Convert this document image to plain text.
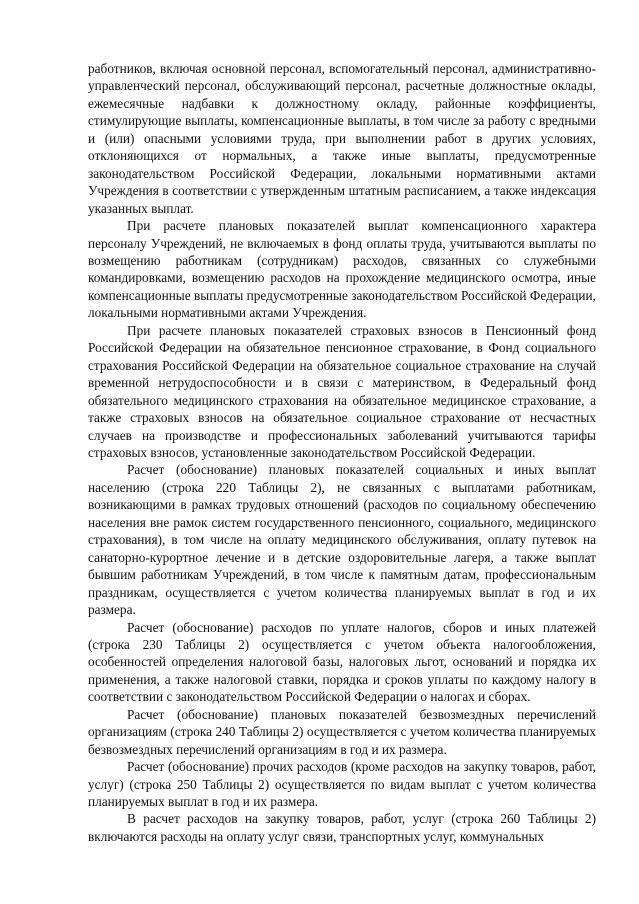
работников, включая основной персонал, вспомогательный персонал, административно-управленческий персонал, обслуживающий персонал, расчетные должностные оклады, ежемесячные надбавки к должностному окладу, районные коэффициенты, стимулирующие выплаты, компенсационные выплаты, в том числе за работу с вредными и (или) опасными условиями труда, при выполнении работ в других условиях, отклоняющихся от нормальных, а также иные выплаты, предусмотренные законодательством Российской Федерации, локальными нормативными актами Учреждения в соответствии с утвержденным штатным расписанием, а также индексация указанных выплат.

При расчете плановых показателей выплат компенсационного характера персоналу Учреждений, не включаемых в фонд оплаты труда, учитываются выплаты по возмещению работникам (сотрудникам) расходов, связанных со служебными командировками, возмещению расходов на прохождение медицинского осмотра, иные компенсационные выплаты предусмотренные законодательством Российской Федерации, локальными нормативными актами Учреждения.

При расчете плановых показателей страховых взносов в Пенсионный фонд Российской Федерации на обязательное пенсионное страхование, в Фонд социального страхования Российской Федерации на обязательное социальное страхование на случай временной нетрудоспособности и в связи с материнством, в Федеральный фонд обязательного медицинского страхования на обязательное медицинское страхование, а также страховых взносов на обязательное социальное страхование от несчастных случаев на производстве и профессиональных заболеваний учитываются тарифы страховых взносов, установленные законодательством Российской Федерации.

Расчет (обоснование) плановых показателей социальных и иных выплат населению (строка 220 Таблицы 2), не связанных с выплатами работникам, возникающими в рамках трудовых отношений (расходов по социальному обеспечению населения вне рамок систем государственного пенсионного, социального, медицинского страхования), в том числе на оплату медицинского обслуживания, оплату путевок на санаторно-курортное лечение и в детские оздоровительные лагеря, а также выплат бывшим работникам Учреждений, в том числе к памятным датам, профессиональным праздникам, осуществляется с учетом количества планируемых выплат в год и их размера.

Расчет (обоснование) расходов по уплате налогов, сборов и иных платежей (строка 230 Таблицы 2) осуществляется с учетом объекта налогообложения, особенностей определения налоговой базы, налоговых льгот, оснований и порядка их применения, а также налоговой ставки, порядка и сроков уплаты по каждому налогу в соответствии с законодательством Российской Федерации о налогах и сборах.

Расчет (обоснование) плановых показателей безвозмездных перечислений организациям (строка 240 Таблицы 2) осуществляется с учетом количества планируемых безвозмездных перечислений организациям в год и их размера.

Расчет (обоснование) прочих расходов (кроме расходов на закупку товаров, работ, услуг) (строка 250 Таблицы 2) осуществляется по видам выплат с учетом количества планируемых выплат в год и их размера.

В расчет расходов на закупку товаров, работ, услуг (строка 260 Таблицы 2) включаются расходы на оплату услуг связи, транспортных услуг, коммунальных
